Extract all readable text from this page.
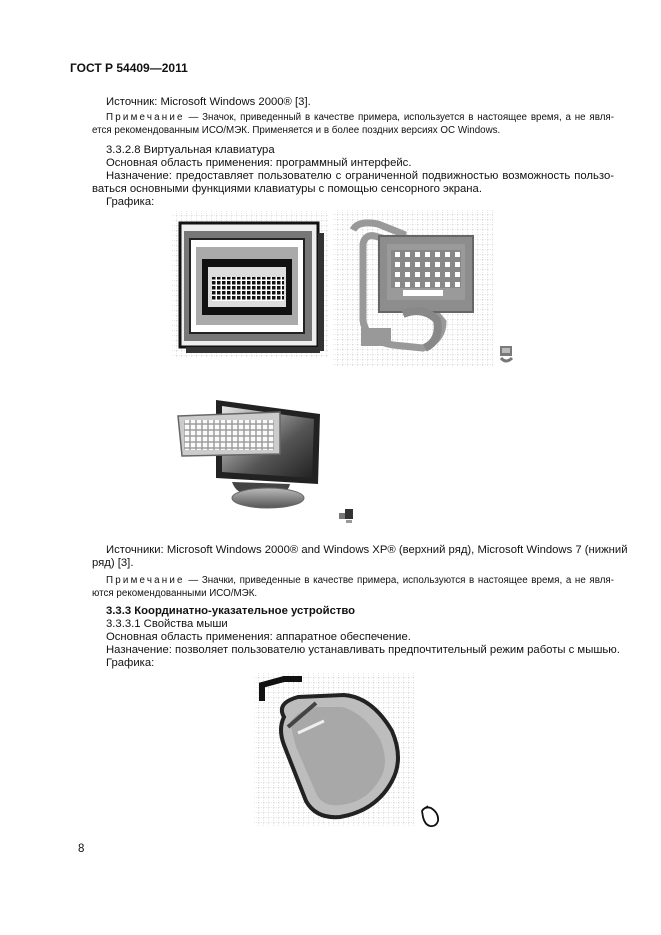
ГОСТ Р 54409—2011
Источник: Microsoft Windows 2000® [3].
Примечание — Значок, приведенный в качестве примера, используется в настоящее время, а не явля-
ется рекомендованным ИСО/МЭК. Применяется и в более поздних версиях ОС Windows.
3.3.2.8 Виртуальная клавиатура
Основная область применения: программный интерфейс.
Назначение: предоставляет пользователю с ограниченной подвижностью возможность пользо-
ваться основными функциями клавиатуры с помощью сенсорного экрана.
Графика:
Источники: Microsoft Windows 2000® and Windows XP® (верхний ряд), Microsoft Windows 7 (нижний
ряд) [3].
Примечание — Значки, приведенные в качестве примера, используются в настоящее время, а не явля-
ются рекомендованными ИСО/МЭК.
3.3.3 Координатно-указательное устройство
3.3.3.1 Свойства мыши
Основная область применения: аппаратное обеспечение.
Назначение: позволяет пользователю устанавливать предпочтительный режим работы с мышью.
Графика:
8
